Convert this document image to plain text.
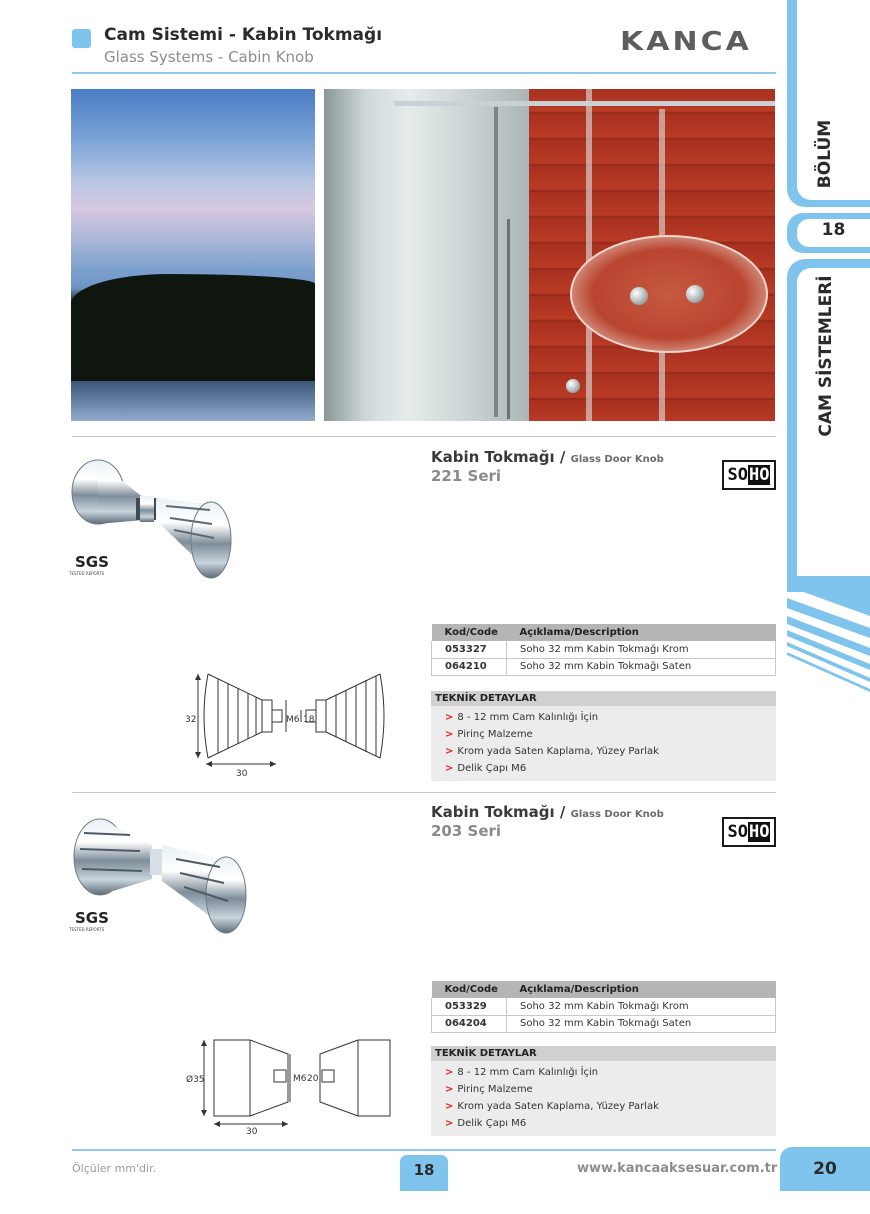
Cam Sistemi - Kabin Tokmağı
Glass Systems - Cabin Knob
KANCA
BÖLÜM
18
CAM SİSTEMLERİ
SGS
TESTED REPORTS
Kabin Tokmağı / Glass Door Knob
221 Seri	SOHO
Kod/Code	Açıklama/Description
053327	Soho 32 mm Kabin Tokmağı Krom
064210	Soho 32 mm Kabin Tokmağı Saten
32
30
M6 18
TEKNİK DETAYLAR
> 8 - 12 mm Cam Kalınlığı İçin
> Pirinç Malzeme
> Krom yada Saten Kaplama, Yüzey Parlak
> Delik Çapı M6
SGS
TESTED REPORTS
Kabin Tokmağı / Glass Door Knob
203 Seri	SOHO
Kod/Code	Açıklama/Description
053329	Soho 32 mm Kabin Tokmağı Krom
064204	Soho 32 mm Kabin Tokmağı Saten
Ø35
30
M6 20
TEKNİK DETAYLAR
> 8 - 12 mm Cam Kalınlığı İçin
> Pirinç Malzeme
> Krom yada Saten Kaplama, Yüzey Parlak
> Delik Çapı M6
Ölçüler mm'dir.	18	www.kancaaksesuar.com.tr	20
